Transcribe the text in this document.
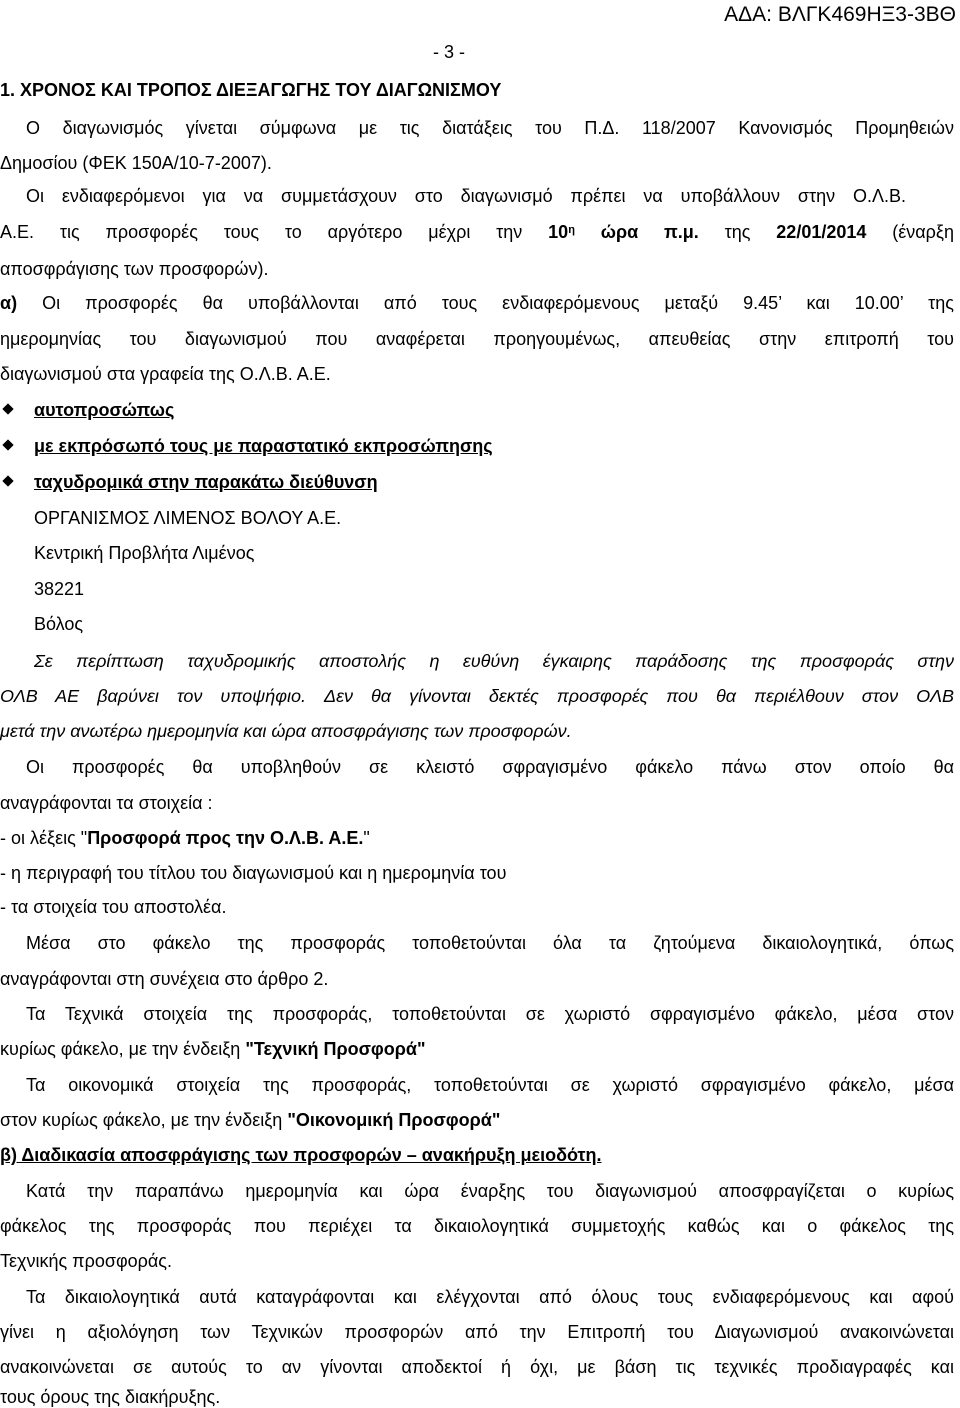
- 3 -
ΑΔΑ: ΒΛΓΚ469ΗΞ3-3ΒΘ
1. ΧΡΟΝΟΣ ΚΑΙ ΤΡΟΠΟΣ ΔΙΕΞΑΓΩΓΗΣ ΤΟΥ ΔΙΑΓΩΝΙΣΜΟΥ
Ο διαγωνισμός γίνεται σύμφωνα με τις διατάξεις του Π.Δ. 118/2007 Κανονισμός Προμηθειών
Δημοσίου (ΦΕΚ 150Α/10-7-2007).
Οι ενδιαφερόμενοι για να συμμετάσχουν στο διαγωνισμό πρέπει να υποβάλλουν στην Ο.Λ.Β.
Α.Ε. τις προσφορές τους το αργότερο μέχρι την $10^\eta$ ώρα π.μ. της 22/01/2014 (έναρξη
αποσφράγισης των προσφορών).
α) Οι προσφορές θα υποβάλλονται από τους ενδιαφερόμενους μεταξύ 9.45’ και 10.00’ της
ημερομηνίας του διαγωνισμού που αναφέρεται προηγουμένως, απευθείας στην επιτροπή του
διαγωνισμού στα γραφεία της Ο.Λ.Β. Α.Ε.
αυτοπροσώπως
με εκπρόσωπό τους με παραστατικό εκπροσώπησης
ταχυδρομικά στην παρακάτω διεύθυνση
ΟΡΓΑΝΙΣΜΟΣ ΛΙΜΕΝΟΣ ΒΟΛΟΥ Α.Ε.
Κεντρική Προβλήτα Λιμένος
38221
Βόλος
Σε περίπτωση ταχυδρομικής αποστολής η ευθύνη έγκαιρης παράδοσης της προσφοράς στην
ΟΛΒ ΑΕ βαρύνει τον υποψήφιο. Δεν θα γίνονται δεκτές προσφορές που θα περιέλθουν στον ΟΛΒ
μετά την ανωτέρω ημερομηνία και ώρα αποσφράγισης των προσφορών.
Οι προσφορές θα υποβληθούν σε κλειστό σφραγισμένο φάκελο πάνω στον οποίο θα
αναγράφονται τα στοιχεία :
- οι λέξεις "Προσφορά προς την Ο.Λ.Β. Α.Ε."
- η περιγραφή του τίτλου του διαγωνισμού και η ημερομηνία του
- τα στοιχεία του αποστολέα.
Μέσα στο φάκελο της προσφοράς τοποθετούνται όλα τα ζητούμενα δικαιολογητικά, όπως
αναγράφονται στη συνέχεια στο άρθρο 2.
Τα Τεχνικά στοιχεία της προσφοράς, τοποθετούνται σε χωριστό σφραγισμένο φάκελο, μέσα στον
κυρίως φάκελο, με την ένδειξη "Τεχνική Προσφορά"
Τα οικονομικά στοιχεία της προσφοράς, τοποθετούνται σε χωριστό σφραγισμένο φάκελο, μέσα
στον κυρίως φάκελο, με την ένδειξη "Οικονομική Προσφορά"
β) Διαδικασία αποσφράγισης των προσφορών – ανακήρυξη μειοδότη.
Κατά την παραπάνω ημερομηνία και ώρα έναρξης του διαγωνισμού αποσφραγίζεται ο κυρίως
φάκελος της προσφοράς που περιέχει τα δικαιολογητικά συμμετοχής καθώς και ο φάκελος της
Τεχνικής προσφοράς.
Τα δικαιολογητικά αυτά καταγράφονται και ελέγχονται από όλους τους ενδιαφερόμενους και αφού
γίνει η αξιολόγηση των Τεχνικών προσφορών από την Επιτροπή του Διαγωνισμού ανακοινώνεται
ανακοινώνεται σε αυτούς το αν γίνονται αποδεκτοί ή όχι, με βάση τις τεχνικές προδιαγραφές και
τους όρους της διακήρυξης.
